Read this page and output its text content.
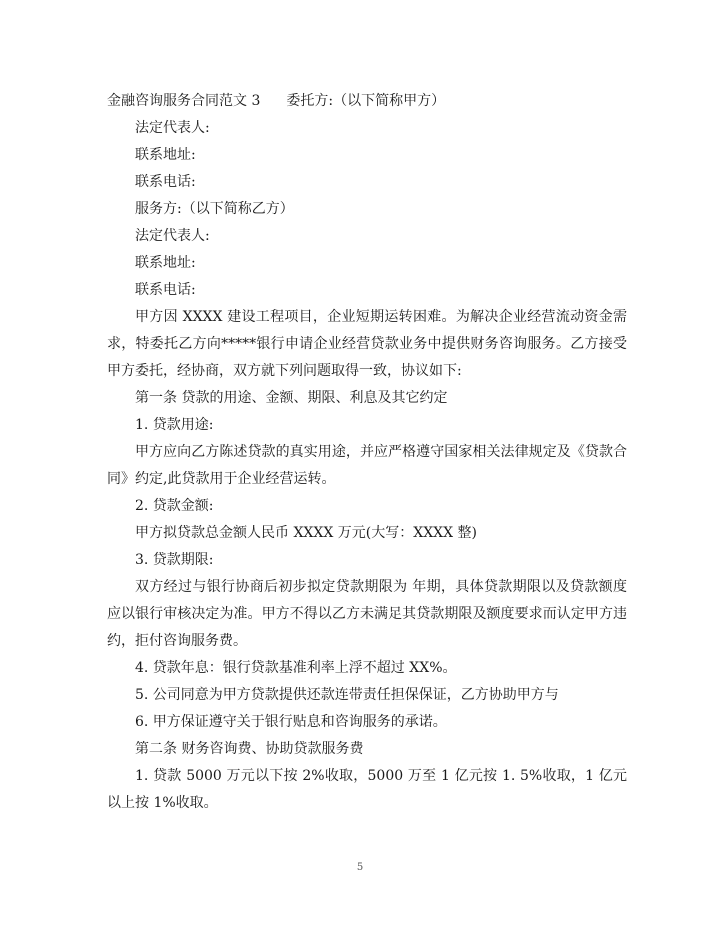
金融咨询服务合同范文 3 委托方:（以下简称甲方）
法定代表人:
联系地址:
联系电话:
服务方:（以下简称乙方）
法定代表人:
联系地址:
联系电话:

甲方因 XXXX 建设工程项目，企业短期运转困难。为解决企业经营流动资金需求，特委托乙方向*****银行申请企业经营贷款业务中提供财务咨询服务。乙方接受甲方委托，经协商，双方就下列问题取得一致，协议如下:

第一条 贷款的用途、金额、期限、利息及其它约定
1. 贷款用途:

甲方应向乙方陈述贷款的真实用途，并应严格遵守国家相关法律规定及《贷款合同》约定,此贷款用于企业经营运转。

2. 贷款金额:
甲方拟贷款总金额人民币 XXXX 万元(大写：XXXX 整)
3. 贷款期限:

双方经过与银行协商后初步拟定贷款期限为 年期，具体贷款期限以及贷款额度应以银行审核决定为准。甲方不得以乙方未满足其贷款期限及额度要求而认定甲方违约，拒付咨询服务费。

4. 贷款年息：银行贷款基准利率上浮不超过 XX%。
5. 公司同意为甲方贷款提供还款连带责任担保保证，乙方协助甲方与
6. 甲方保证遵守关于银行贴息和咨询服务的承诺。
第二条 财务咨询费、协助贷款服务费

1. 贷款 5000 万元以下按 2%收取，5000 万至 1 亿元按 1. 5%收取，1 亿元以上按 1%收取。

5
